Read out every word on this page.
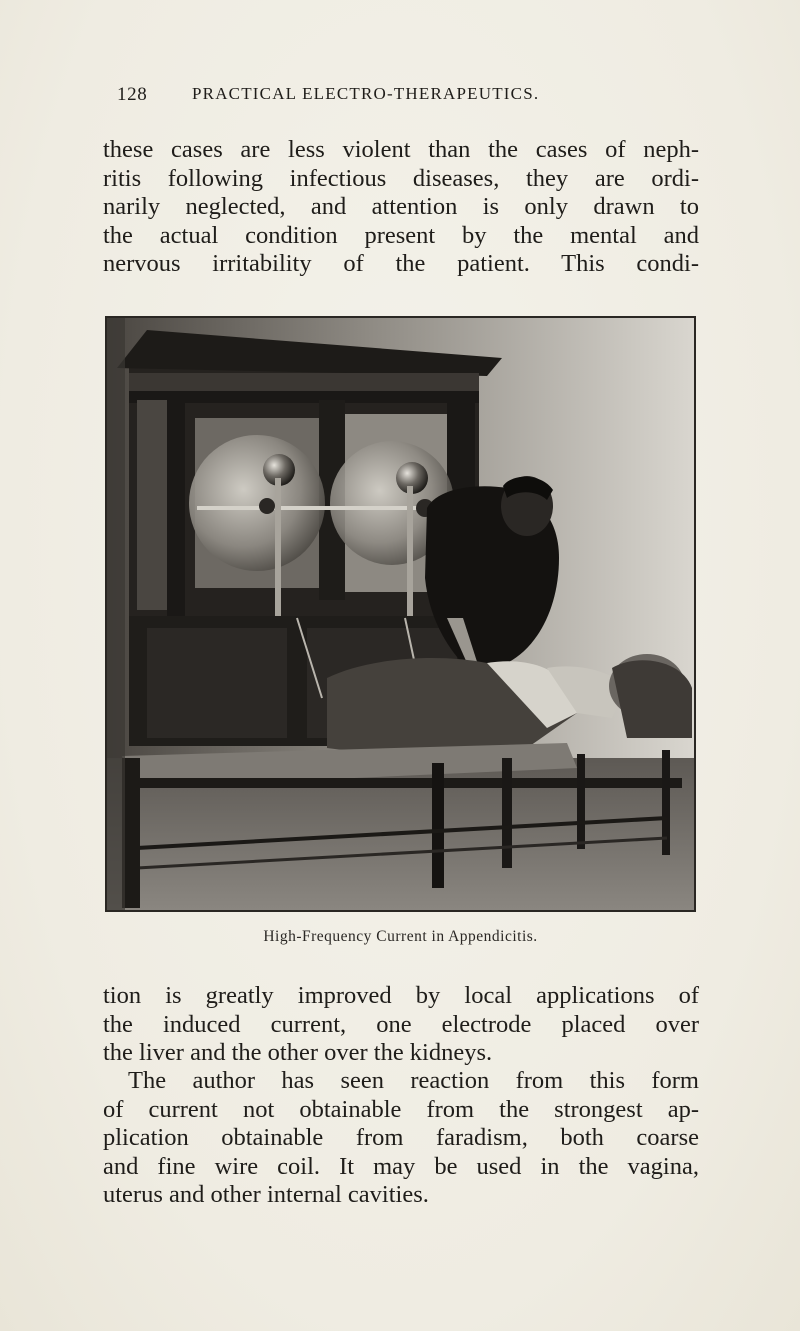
128	PRACTICAL ELECTRO-THERAPEUTICS.

these cases are less violent than the cases of neph-
ritis following infectious diseases, they are ordi-
narily neglected, and attention is only drawn to
the actual condition present by the mental and
nervous irritability of the patient. This condi-

High-Frequency Current in Appendicitis.

tion is greatly improved by local applications of
the induced current, one electrode placed over
the liver and the other over the kidneys.

The author has seen reaction from this form
of current not obtainable from the strongest ap-
plication obtainable from faradism, both coarse
and fine wire coil. It may be used in the vagina,
uterus and other internal cavities.
